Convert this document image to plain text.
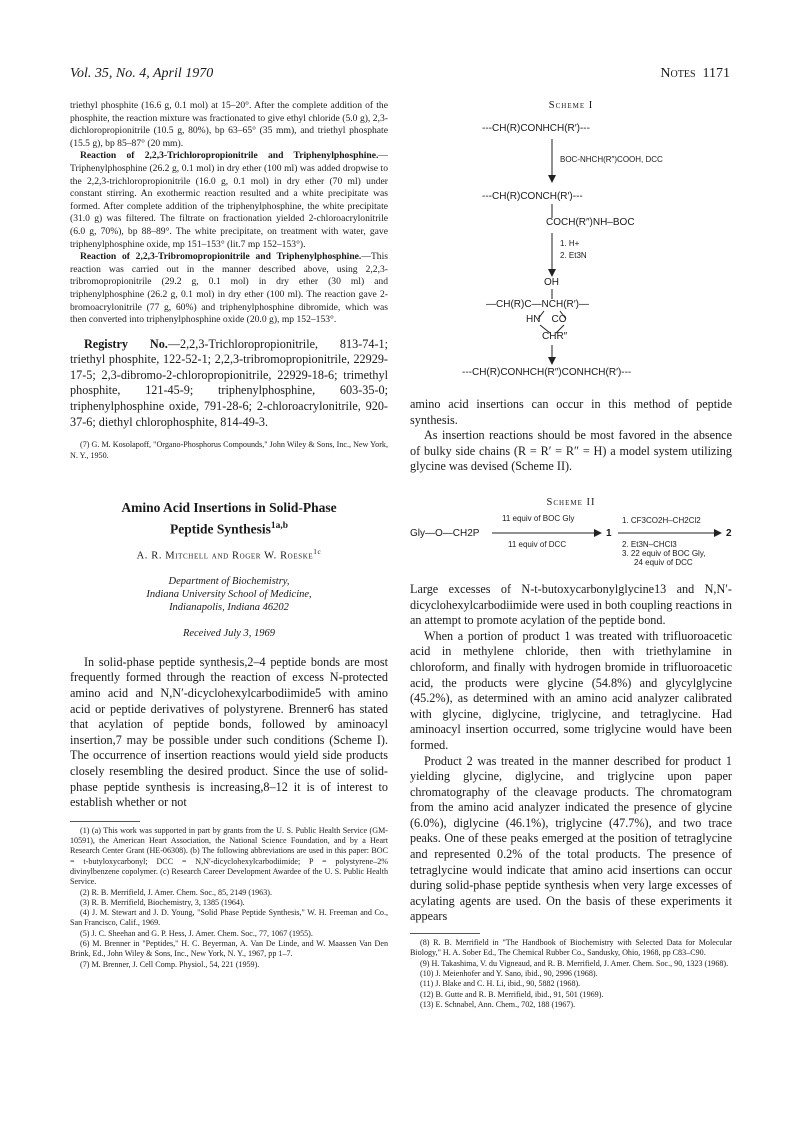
Vol. 35, No. 4, April 1970	Notes 1171

triethyl phosphite (16.6 g, 0.1 mol) at 15–20°. After the complete addition of the phosphite, the reaction mixture was fractionated to give ethyl chloride (5.0 g), 2,3-dichloropropionitrile (10.5 g, 80%), bp 63–65° (35 mm), and triethyl phosphate (15.5 g), bp 85–87° (20 mm).

Reaction of 2,2,3-Trichloropropionitrile and Triphenylphosphine.—Triphenylphosphine (26.2 g, 0.1 mol) in dry ether (100 ml) was added dropwise to the 2,2,3-trichloropropionitrile (16.0 g, 0.1 mol) in dry ether (70 ml) under constant stirring. An exothermic reaction resulted and a white precipitate was formed. After complete addition of the triphenylphosphine, the white precipitate (31.0 g) was filtered. The filtrate on fractionation yielded 2-chloroacrylonitrile (6.0 g, 70%), bp 88–89°. The white precipitate, on treatment with water, gave triphenylphosphine oxide, mp 151–153° (lit.7 mp 152–153°).

Reaction of 2,2,3-Tribromopropionitrile and Triphenylphosphine.—This reaction was carried out in the manner described above, using 2,2,3-tribromopropionitrile (29.2 g, 0.1 mol) in dry ether (30 ml) and triphenylphosphine (26.2 g, 0.1 mol) in dry ether (100 ml). The reaction gave 2-bromoacrylonitrile (77 g, 60%) and triphenylphosphine dibromide, which was then converted into triphenylphosphine oxide (20.0 g), mp 152–153°.

Registry No.—2,2,3-Trichloropropionitrile, 813-74-1; triethyl phosphite, 122-52-1; 2,2,3-tribromopropionitrile, 22929-17-5; 2,3-dibromo-2-chloropropionitrile, 22929-18-6; trimethyl phosphite, 121-45-9; triphenylphosphine, 603-35-0; triphenylphosphine oxide, 791-28-6; 2-chloroacrylonitrile, 920-37-6; diethyl chlorophosphite, 814-49-3.

(7) G. M. Kosolapoff, "Organo-Phosphorus Compounds," John Wiley & Sons, Inc., New York, N. Y., 1950.

Amino Acid Insertions in Solid-Phase
Peptide Synthesis$^{1a,b}$
A. R. Mitchell and Roger W. Roeske$^{1c}$
Department of Biochemistry,
Indiana University School of Medicine,
Indianapolis, Indiana 46202
Received July 3, 1969

In solid-phase peptide synthesis,2–4 peptide bonds are most frequently formed through the reaction of excess N-protected amino acid and N,N′-dicyclohexylcarbodiimide5 with amino acid or peptide derivatives of polystyrene. Brenner6 has stated that acylation of peptide bonds, followed by aminoacyl insertion,7 may be possible under such conditions (Scheme I). The occurrence of insertion reactions would yield side products closely resembling the desired product. Since the use of solid-phase peptide synthesis is increasing,8–12 it is of interest to establish whether or not

(1) (a) This work was supported in part by grants from the U. S. Public Health Service (GM-10591), the American Heart Association, the National Science Foundation, and by a Heart Research Center Grant (HE-06308). (b) The following abbreviations are used in this paper: BOC = t-butyloxycarbonyl; DCC = N,N′-dicyclohexylcarbodiimide; P = polystyrene–2% divinylbenzene copolymer. (c) Research Career Development Awardee of the U. S. Public Health Service.

(2) R. B. Merrifield, J. Amer. Chem. Soc., 85, 2149 (1963).

(3) R. B. Merrifield, Biochemistry, 3, 1385 (1964).

(4) J. M. Stewart and J. D. Young, "Solid Phase Peptide Synthesis," W. H. Freeman and Co., San Francisco, Calif., 1969.

(5) J. C. Sheehan and G. P. Hess, J. Amer. Chem. Soc., 77, 1067 (1955).

(6) M. Brenner in "Peptides," H. C. Beyerman, A. Van De Linde, and W. Maassen Van Den Brink, Ed., John Wiley & Sons, Inc., New York, N. Y., 1967, pp 1–7.

(7) M. Brenner, J. Cell Comp. Physiol., 54, 221 (1959).

Scheme I
---CH(R)CONHCH(R′)---
BOC-NHCH(R″)COOH, DCC
---CH(R)CONCH(R′)---
COCH(R″)NH–BOC
1. H+
2. Et3N
OH
—CH(R)C—NCH(R′)—
HN    CO
CHR″
---CH(R)CONHCH(R″)CONHCH(R′)---

amino acid insertions can occur in this method of peptide synthesis.

As insertion reactions should be most favored in the absence of bulky side chains (R = R′ = R″ = H) a model system utilizing glycine was devised (Scheme II).

Scheme II
Gly—O—CH2P
11 equiv of BOC Gly
11 equiv of DCC
1
1. CF3CO2H–CH2Cl2
2. Et3N–CHCl3
3. 22 equiv of BOC Gly,
24 equiv of DCC
2

Large excesses of N-t-butoxycarbonylglycine13 and N,N′-dicyclohexylcarbodiimide were used in both coupling reactions in an attempt to promote acylation of the peptide bond.

When a portion of product 1 was treated with trifluoroacetic acid in methylene chloride, then with triethylamine in chloroform, and finally with hydrogen bromide in trifluoroacetic acid, the products were glycine (54.8%) and glycylglycine (45.2%), as determined with an amino acid analyzer calibrated with glycine, diglycine, triglycine, and tetraglycine. Had aminoacyl insertion occurred, some triglycine would have been formed.

Product 2 was treated in the manner described for product 1 yielding glycine, diglycine, and triglycine upon paper chromatography of the cleavage products. The chromatogram from the amino acid analyzer indicated the presence of glycine (6.0%), diglycine (46.1%), triglycine (47.7%), and two trace peaks. One of these peaks emerged at the position of tetraglycine and represented 0.2% of the total products. The presence of tetraglycine would indicate that amino acid insertions can occur during solid-phase peptide synthesis when very large excesses of acylating agents are used. On the basis of these experiments it appears

(8) R. B. Merrifield in "The Handbook of Biochemistry with Selected Data for Molecular Biology," H. A. Sober Ed., The Chemical Rubber Co., Sandusky, Ohio, 1968, pp C83–C90.

(9) H. Takashima, V. du Vigneaud, and R. B. Merrifield, J. Amer. Chem. Soc., 90, 1323 (1968).

(10) J. Meienhofer and Y. Sano, ibid., 90, 2996 (1968).

(11) J. Blake and C. H. Li, ibid., 90, 5882 (1968).

(12) B. Gutte and R. B. Merrifield, ibid., 91, 501 (1969).

(13) E. Schnabel, Ann. Chem., 702, 188 (1967).
